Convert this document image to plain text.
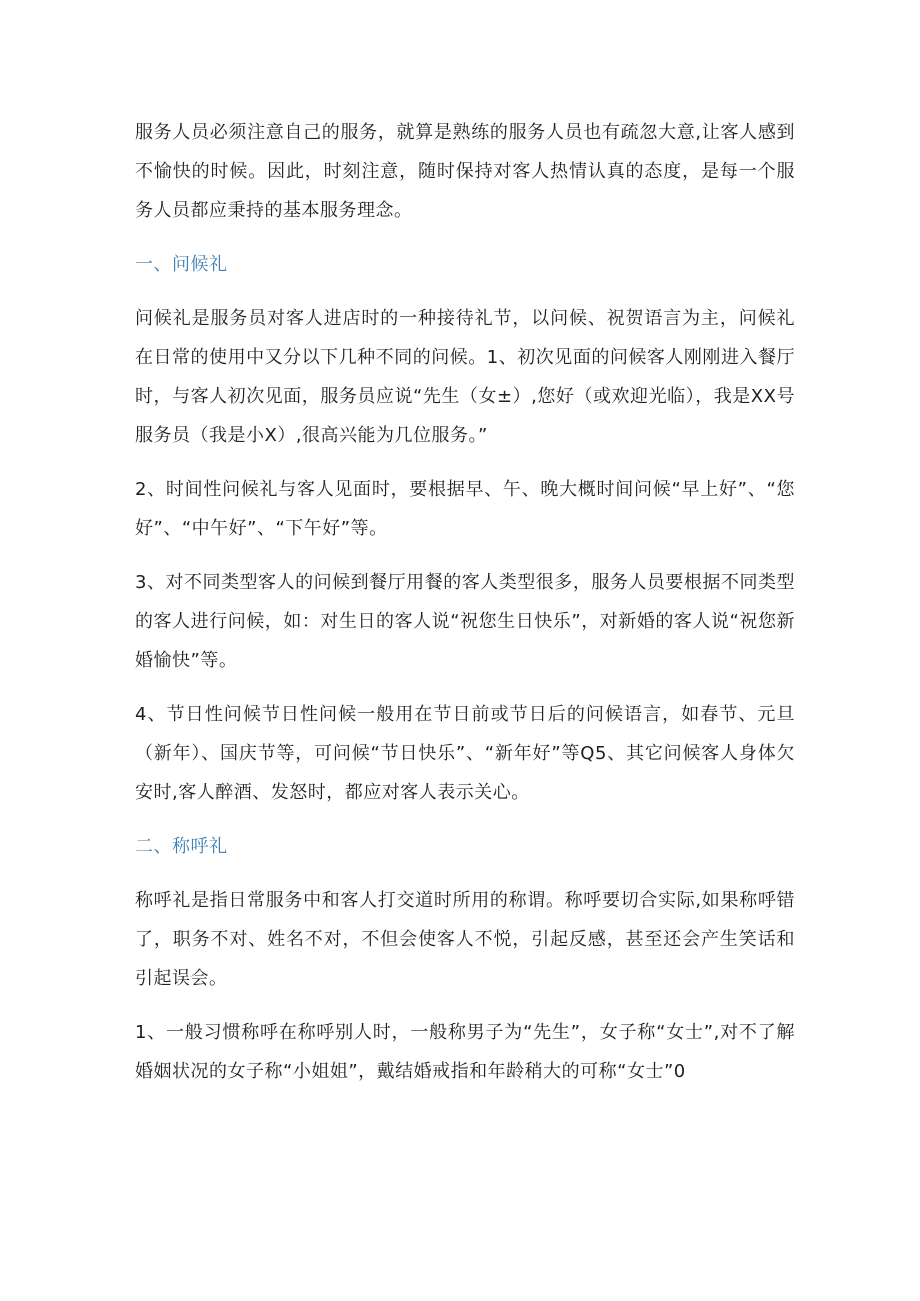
服务人员必须注意自己的服务，就算是熟练的服务人员也有疏忽大意,让客人感到不愉快的时候。因此，时刻注意，随时保持对客人热情认真的态度，是每一个服务人员都应秉持的基本服务理念。

一、问候礼

问候礼是服务员对客人进店时的一种接待礼节，以问候、祝贺语言为主，问候礼在日常的使用中又分以下几种不同的问候。1、初次见面的问候客人刚刚进入餐厅时，与客人初次见面，服务员应说“先生（女±）,您好（或欢迎光临），我是XX号服务员（我是小X）,很高兴能为几位服务。”

2、时间性问候礼与客人见面时，要根据早、午、晚大概时间问候“早上好”、“您好”、“中午好”、“下午好”等。

3、对不同类型客人的问候到餐厅用餐的客人类型很多，服务人员要根据不同类型的客人进行问候，如：对生日的客人说“祝您生日快乐”，对新婚的客人说“祝您新婚愉快”等。

4、节日性问候节日性问候一般用在节日前或节日后的问候语言，如春节、元旦（新年）、国庆节等，可问候“节日快乐”、“新年好”等Q5、其它问候客人身体欠安时,客人醉酒、发怒时，都应对客人表示关心。

二、称呼礼

称呼礼是指日常服务中和客人打交道时所用的称谓。称呼要切合实际,如果称呼错了，职务不对、姓名不对，不但会使客人不悦，引起反感，甚至还会产生笑话和引起误会。

1、一般习惯称呼在称呼别人时，一般称男子为“先生”，女子称“女士”,对不了解婚姻状况的女子称“小姐姐”，戴结婚戒指和年龄稍大的可称“女士”0
